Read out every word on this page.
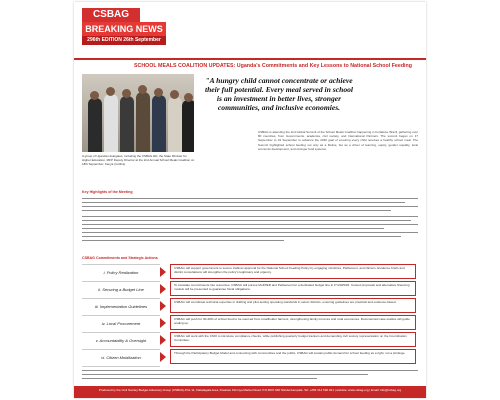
CSBAG
BREAKING NEWS
296th EDITION 26th September 2024
SCHOOL MEALS COALITION UPDATES: Uganda's Commitments and Key Lessons to National School Feeding
A group of Ugandan delegates, including the CSBAG ED, the State Minister for Higher Education, MFP Deputy Director at the 2nd Annual School Meals Coalition on 18th September, Kenya (Collins)
"A hungry child cannot concentrate or achieve their full potential. Every meal served in school is an investment in better lives, stronger communities, and inclusive economies.
CSBAG is attending the 2nd Global Summit of the School Meals Coalition happening in Fortaleza, Brazil, gathering over 80 countries, from Governments, academia, civil society, and International Partners. The summit began on 17 September to 19 September to advance the 2030 goal of ensuring every child receives a healthy school meal. The Summit highlighted school feeding not only as a lifeline, but as a driver of learning, equity, gender equality, local economic development, and stronger food systems.
Key Highlights of the Meeting
CSBAG Commitments and Strategic Actions
i. Policy Realization
CSBAG will support government to secure Cabinet approval for the National School Feeding Policy by engaging ministries, Parliament, and citizens. Evidence briefs and district consultations will strengthen the policy's legitimacy and urgency.
ii. Securing a Budget Line
To translate commitments into resources, CSBAG will pursue MoFPED and Parliament for a dedicated budget line in FY2025/26. Costed proposals and alternative financing models will be presented to guarantee fiscal obligations.
iii. Implementation Guidelines
CSBAG will coordinate technical expertise in drafting and pilot-testing operating standards in select districts, ensuring guidelines are practical and evidence-based.
iv. Local Procurement
CSBAG will push for 30-40% of school food to be sourced from smallholder farmers, strengthening family incomes and rural economies. Documented case studies will guide scaling up.
v. Accountability & Oversight
CSBAG will work with the CMO to introduce compliance checks, while publishing quarterly budget trackers and demanding civil society representation on the Coordination Committee.
vi. Citizen Mobilization
Through the Participatory Budget Model and connecting with communities and the public, CSBAG will sustain public demand for school feeding as a right, not a privilege.
Produced by the Civil Society Budget Advocacy Group (CSBAG) Plot 11, Kabalagala Area, Kiwatule Kirinnya Market Road. P.O.BOX 660 Ntinda-Kampala. Tel: +256 414 530 041 | website: www.csbag.org | Email: info@csbag.org
